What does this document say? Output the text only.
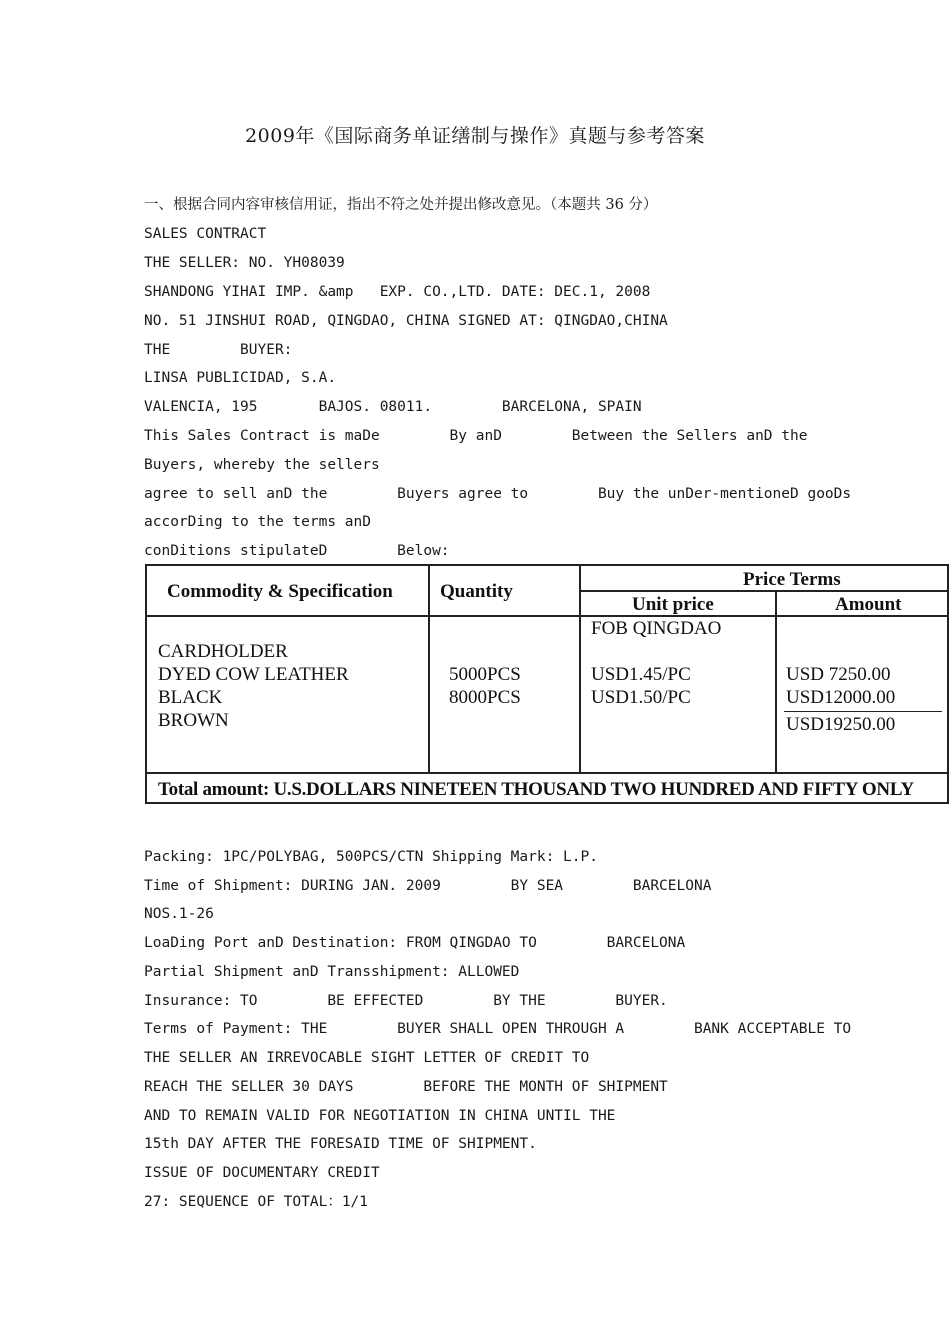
2009年《国际商务单证缮制与操作》真题与参考答案
一、根据合同内容审核信用证，指出不符之处并提出修改意见。（本题共 36 分）
SALES CONTRACT
THE SELLER: NO. YH08039
SHANDONG YIHAI IMP. &amp   EXP. CO.,LTD. DATE: DEC.1, 2008
NO. 51 JINSHUI ROAD, QINGDAO, CHINA SIGNED AT: QINGDAO,CHINA
THE        BUYER:
LINSA PUBLICIDAD, S.A.
VALENCIA, 195       BAJOS. 08011.        BARCELONA, SPAIN
This Sales Contract is maDe        By anD        Between the Sellers anD the
Buyers, whereby the sellers
agree to sell anD the        Buyers agree to        Buy the unDer-mentioneD gooDs
accorDing to the terms anD
conDitions stipulateD        Below:
Commodity & Specification Quantity
Price Terms
Unit price	Amount
CARDHOLDER
DYED COW LEATHER
BLACK
BROWN
5000PCS
8000PCS
FOB QINGDAO
USD1.45/PC
USD1.50/PC
USD 7250.00
USD12000.00
USD19250.00
Total amount: U.S.DOLLARS NINETEEN THOUSAND TWO HUNDRED AND FIFTY ONLY
Packing: 1PC/POLYBAG, 500PCS/CTN Shipping Mark: L.P.
Time of Shipment: DURING JAN. 2009        BY SEA        BARCELONA
NOS.1-26
LoaDing Port anD Destination: FROM QINGDAO TO        BARCELONA
Partial Shipment anD Transshipment: ALLOWED
Insurance: TO        BE EFFECTED        BY THE        BUYER.
Terms of Payment: THE        BUYER SHALL OPEN THROUGH A        BANK ACCEPTABLE TO
THE SELLER AN IRREVOCABLE SIGHT LETTER OF CREDIT TO
REACH THE SELLER 30 DAYS        BEFORE THE MONTH OF SHIPMENT
AND TO REMAIN VALID FOR NEGOTIATION IN CHINA UNTIL THE
15th DAY AFTER THE FORESAID TIME OF SHIPMENT.
ISSUE OF DOCUMENTARY CREDIT
27: SEQUENCE OF TOTAL：1/1
